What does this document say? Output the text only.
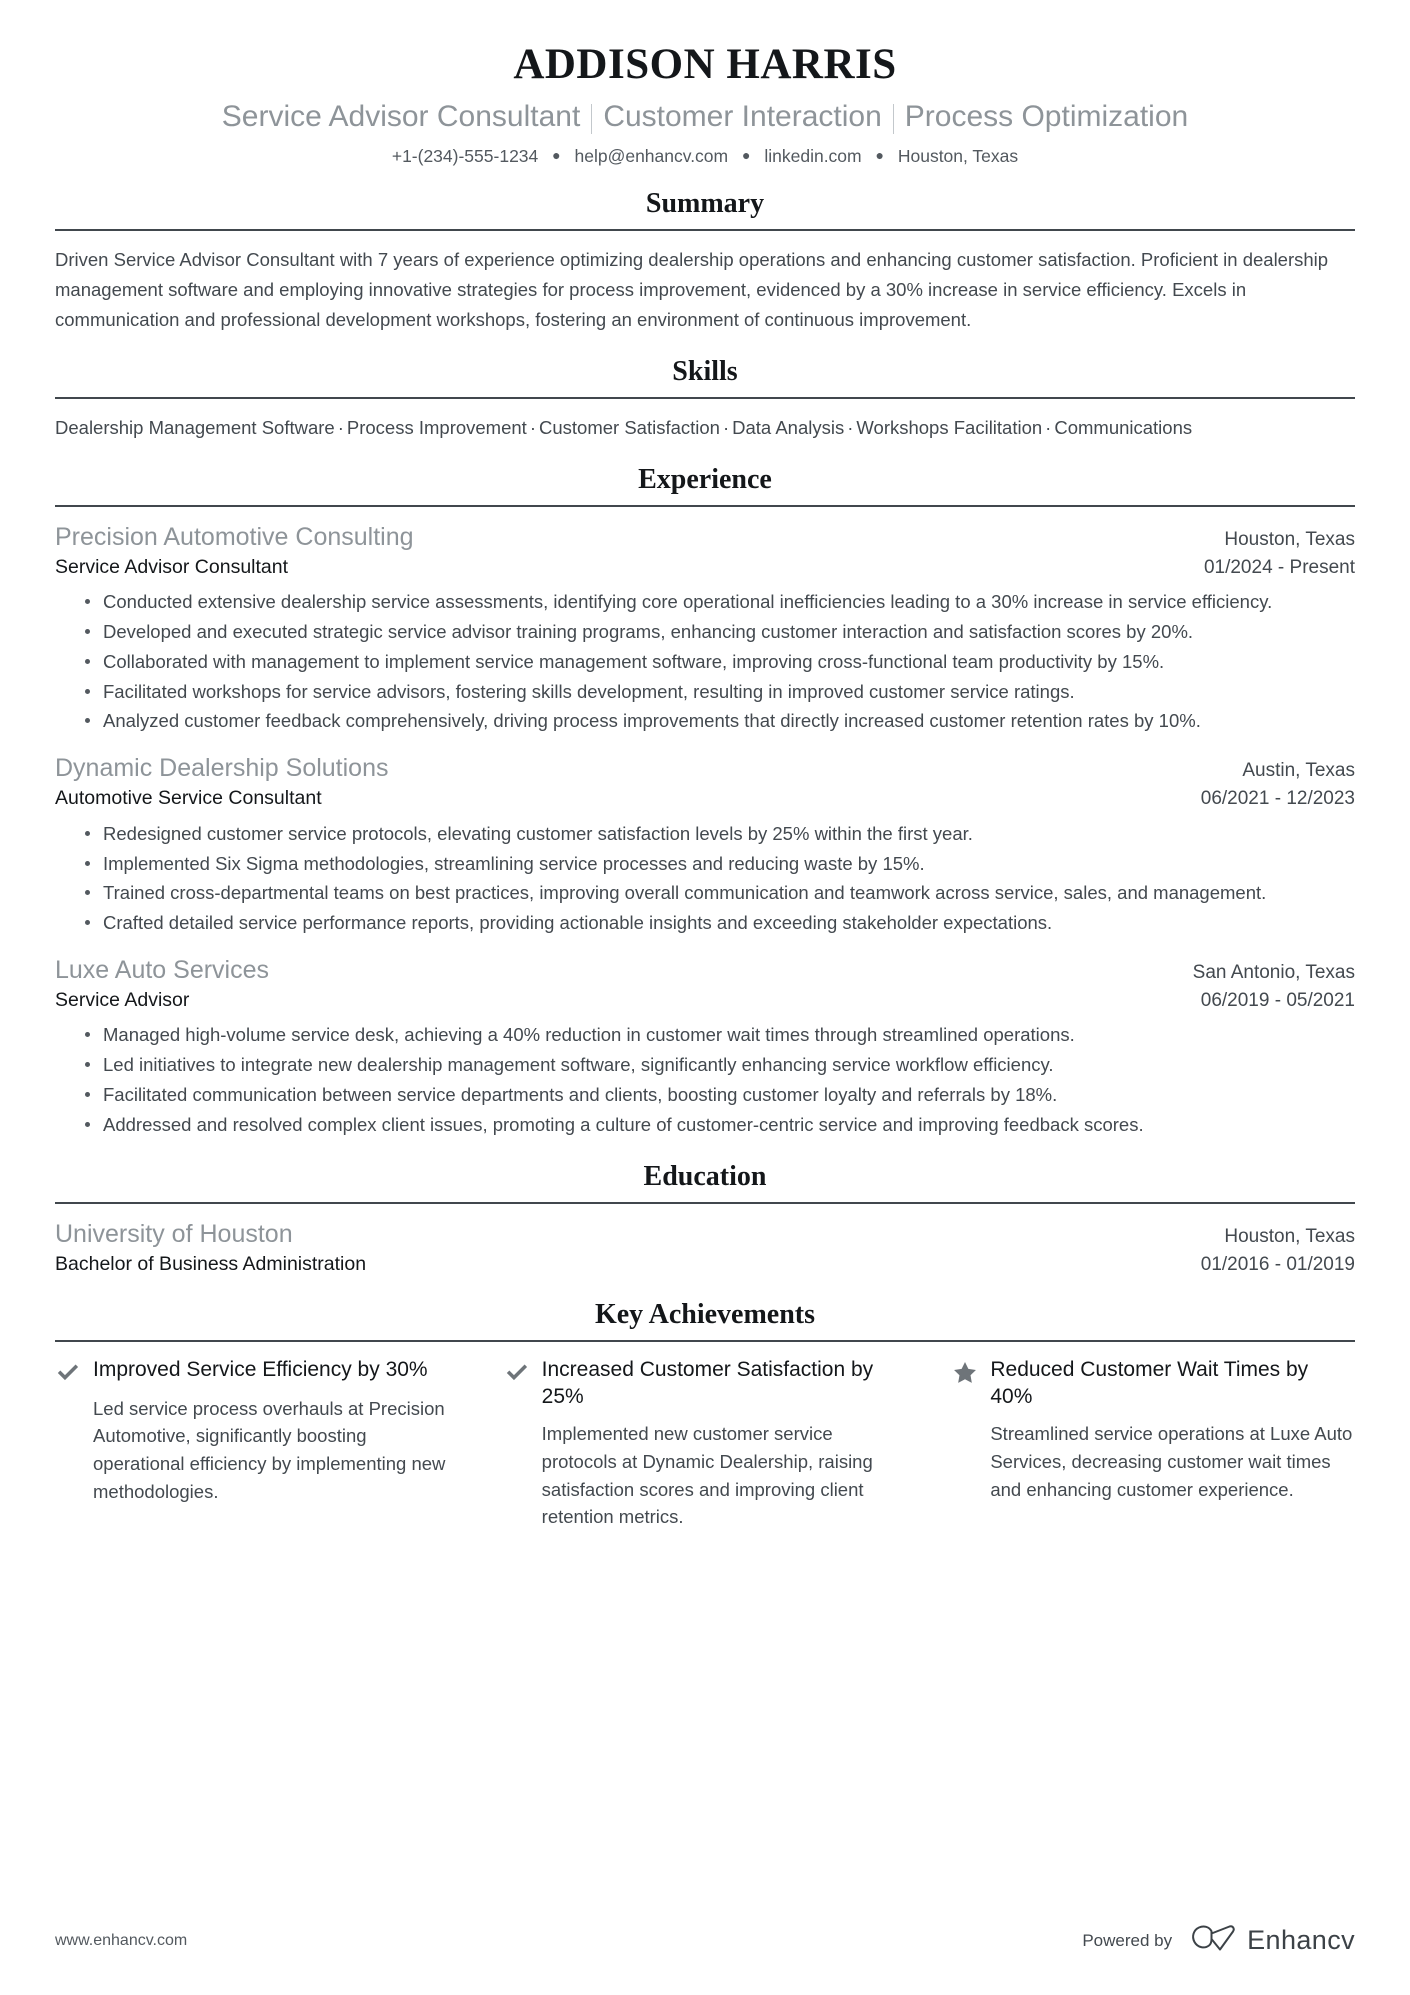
ADDISON HARRIS
Service Advisor Consultant Customer Interaction Process Optimization
+1-(234)-555-1234 ● help@enhancv.com ● linkedin.com ● Houston, Texas
Summary

Driven Service Advisor Consultant with 7 years of experience optimizing dealership operations and enhancing customer satisfaction. Proficient in dealership management software and employing innovative strategies for process improvement, evidenced by a 30% increase in service efficiency. Excels in communication and professional development workshops, fostering an environment of continuous improvement.

Skills

Dealership Management Software · Process Improvement · Customer Satisfaction · Data Analysis · Workshops Facilitation · Communications

Experience
Precision Automotive Consulting	Houston, Texas
Service Advisor Consultant	01/2024 - Present
Conducted extensive dealership service assessments, identifying core operational inefficiencies leading to a 30% increase in service efficiency.
Developed and executed strategic service advisor training programs, enhancing customer interaction and satisfaction scores by 20%.
Collaborated with management to implement service management software, improving cross-functional team productivity by 15%.
Facilitated workshops for service advisors, fostering skills development, resulting in improved customer service ratings.
Analyzed customer feedback comprehensively, driving process improvements that directly increased customer retention rates by 10%.
Dynamic Dealership Solutions	Austin, Texas
Automotive Service Consultant	06/2021 - 12/2023
Redesigned customer service protocols, elevating customer satisfaction levels by 25% within the first year.
Implemented Six Sigma methodologies, streamlining service processes and reducing waste by 15%.
Trained cross-departmental teams on best practices, improving overall communication and teamwork across service, sales, and management.
Crafted detailed service performance reports, providing actionable insights and exceeding stakeholder expectations.
Luxe Auto Services	San Antonio, Texas
Service Advisor	06/2019 - 05/2021
Managed high-volume service desk, achieving a 40% reduction in customer wait times through streamlined operations.
Led initiatives to integrate new dealership management software, significantly enhancing service workflow efficiency.
Facilitated communication between service departments and clients, boosting customer loyalty and referrals by 18%.
Addressed and resolved complex client issues, promoting a culture of customer-centric service and improving feedback scores.
Education
University of Houston	Houston, Texas
Bachelor of Business Administration	01/2016 - 01/2019
Key Achievements
Improved Service Efficiency by 30%
Led service process overhauls at Precision Automotive, significantly boosting operational efficiency by implementing new methodologies.
Increased Customer Satisfaction by 25%
Implemented new customer service protocols at Dynamic Dealership, raising satisfaction scores and improving client retention metrics.
Reduced Customer Wait Times by 40%
Streamlined service operations at Luxe Auto Services, decreasing customer wait times and enhancing customer experience.
www.enhancv.com	Powered by	Enhancv
